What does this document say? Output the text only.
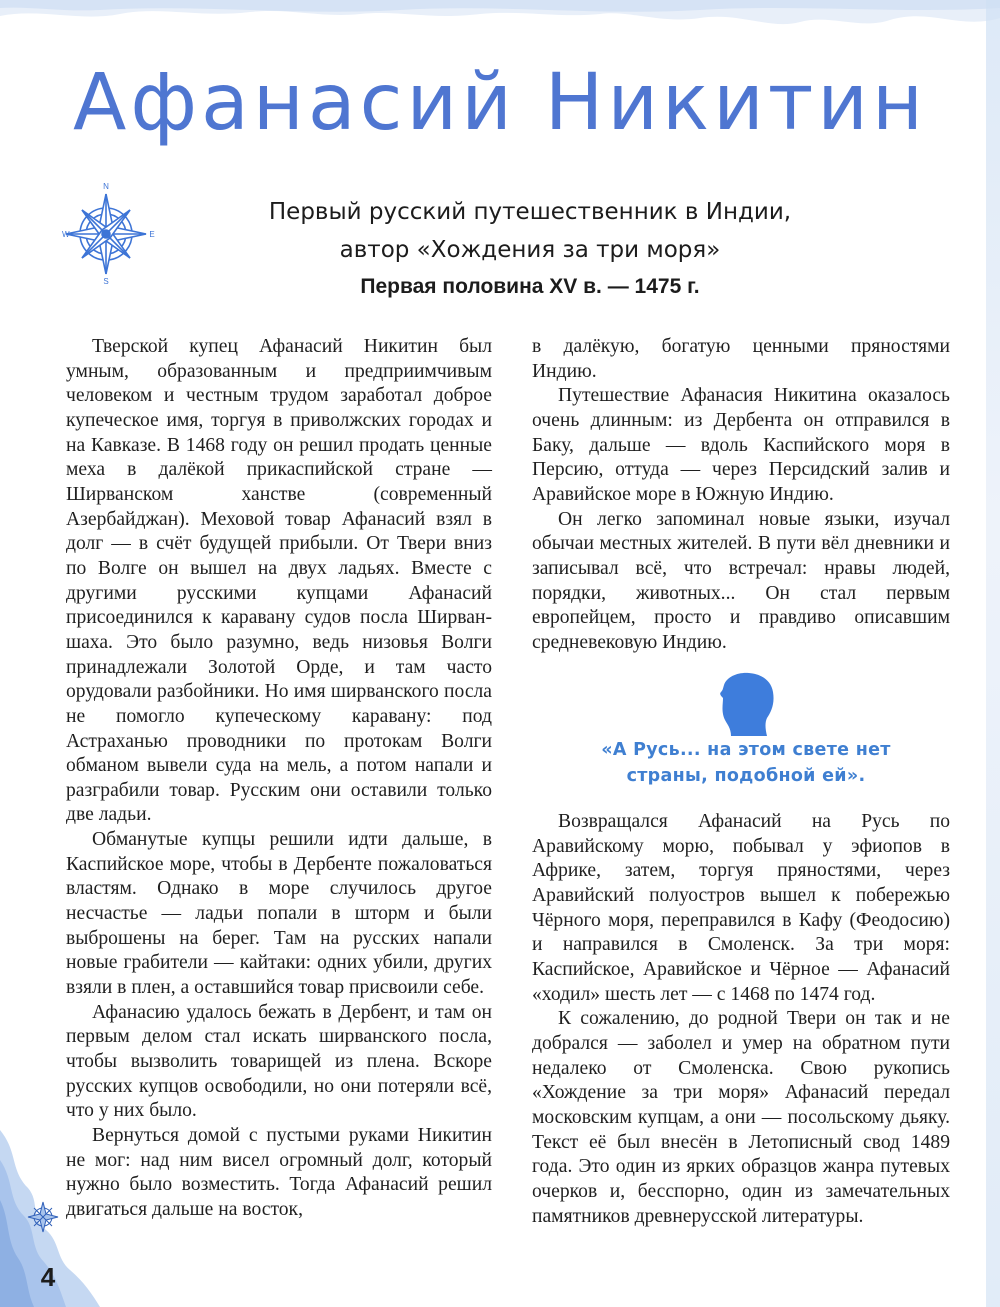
Афанасий Никитин
N
E
S
W
Первый русский путешественник в Индии,
автор «Хождения за три моря»
Первая половина XV в. — 1475 г.

Тверской купец Афанасий Никитин был умным, образованным и предприимчивым человеком и честным трудом заработал доброе купеческое имя, торгуя в приволжских городах и на Кавказе. В 1468 году он решил продать ценные меха в далёкой прикаспийской стране — Ширванском ханстве (современный Азербайджан). Меховой товар Афанасий взял в долг — в счёт будущей прибыли. От Твери вниз по Волге он вышел на двух ладьях. Вместе с другими русскими купцами Афанасий присоединился к каравану судов посла Ширван-шаха. Это было разумно, ведь низовья Волги принадлежали Золотой Орде, и там часто орудовали разбойники. Но имя ширванского посла не помогло купеческому каравану: под Астраханью проводники по протокам Волги обманом вывели суда на мель, а потом напали и разграбили товар. Русским они оставили только две ладьи.

Обманутые купцы решили идти дальше, в Каспийское море, чтобы в Дербенте пожаловаться властям. Однако в море случилось другое несчастье — ладьи попали в шторм и были выброшены на берег. Там на русских напали новые грабители — кайтаки: одних убили, других взяли в плен, а оставшийся товар присвоили себе.

Афанасию удалось бежать в Дербент, и там он первым делом стал искать ширванского посла, чтобы вызволить товарищей из плена. Вскоре русских купцов освободили, но они потеряли всё, что у них было.

Вернуться домой с пустыми руками Никитин не мог: над ним висел огромный долг, который нужно было возместить. Тогда Афанасий решил двигаться дальше на восток,

в далёкую, богатую ценными пряностями Индию.

Путешествие Афанасия Никитина оказалось очень длинным: из Дербента он отправился в Баку, дальше — вдоль Каспийского моря в Персию, оттуда — через Персидский залив и Аравийское море в Южную Индию.

Он легко запоминал новые языки, изучал обычаи местных жителей. В пути вёл дневники и записывал всё, что встречал: нравы людей, порядки, животных... Он стал первым европейцем, просто и правдиво описавшим средневековую Индию.

«А Русь... на этом свете нет
страны, подобной ей».

Возвращался Афанасий на Русь по Аравийскому морю, побывал у эфиопов в Африке, затем, торгуя пряностями, через Аравийский полуостров вышел к побережью Чёрного моря, переправился в Кафу (Феодосию) и направился в Смоленск. За три моря: Каспийское, Аравийское и Чёрное — Афанасий «ходил» шесть лет — с 1468 по 1474 год.

К сожалению, до родной Твери он так и не добрался — заболел и умер на обратном пути недалеко от Смоленска. Свою рукопись «Хождение за три моря» Афанасий передал московским купцам, а они — посольскому дьяку. Текст её был внесён в Летописный свод 1489 года. Это один из ярких образцов жанра путевых очерков и, бесспорно, один из замечательных памятников древнерусской литературы.

4
